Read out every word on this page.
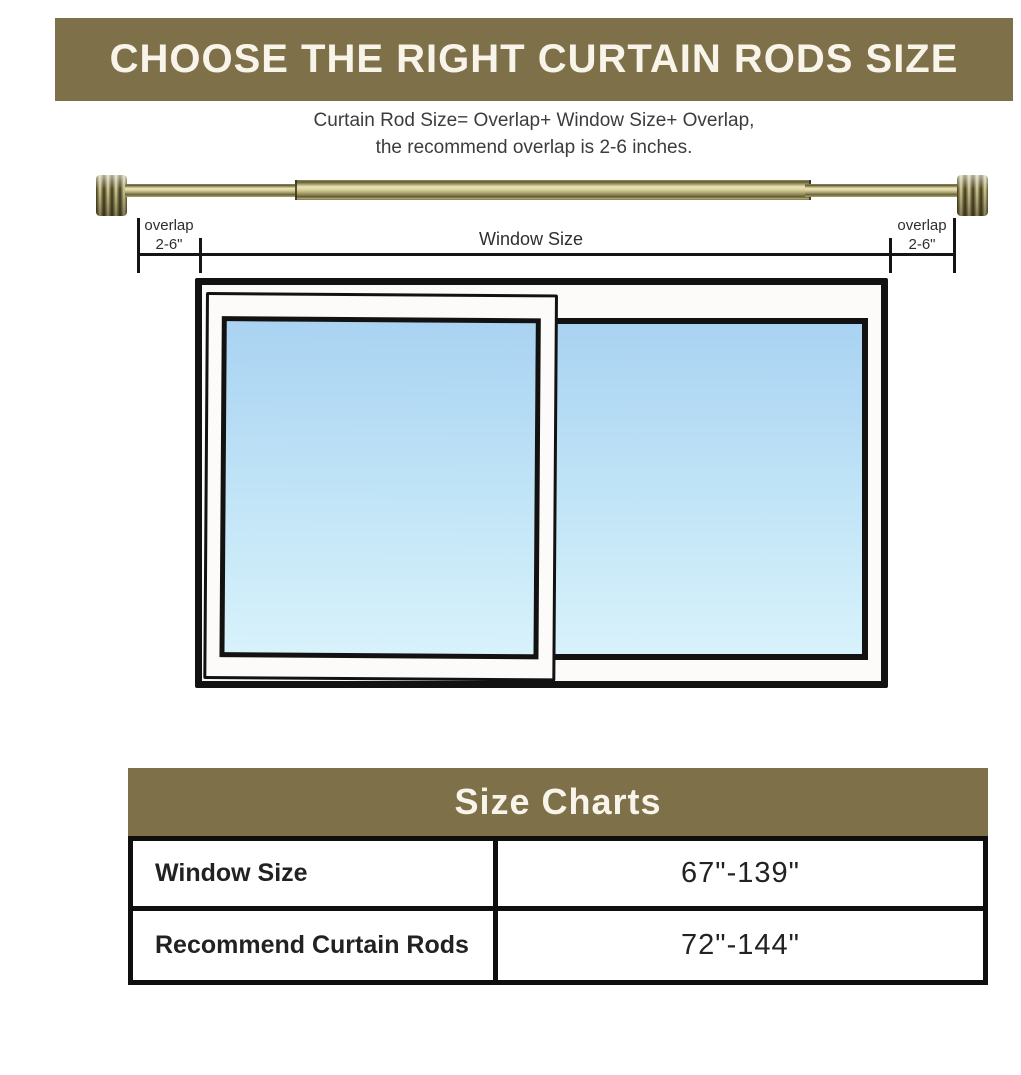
CHOOSE THE RIGHT CURTAIN RODS SIZE
Curtain Rod Size= Overlap+ Window Size+ Overlap,
the recommend overlap is 2-6 inches.
overlap
2-6"	Window Size
overlap
2-6"
Size Charts
Window Size	67"-139"
Recommend Curtain Rods	72"-144"
